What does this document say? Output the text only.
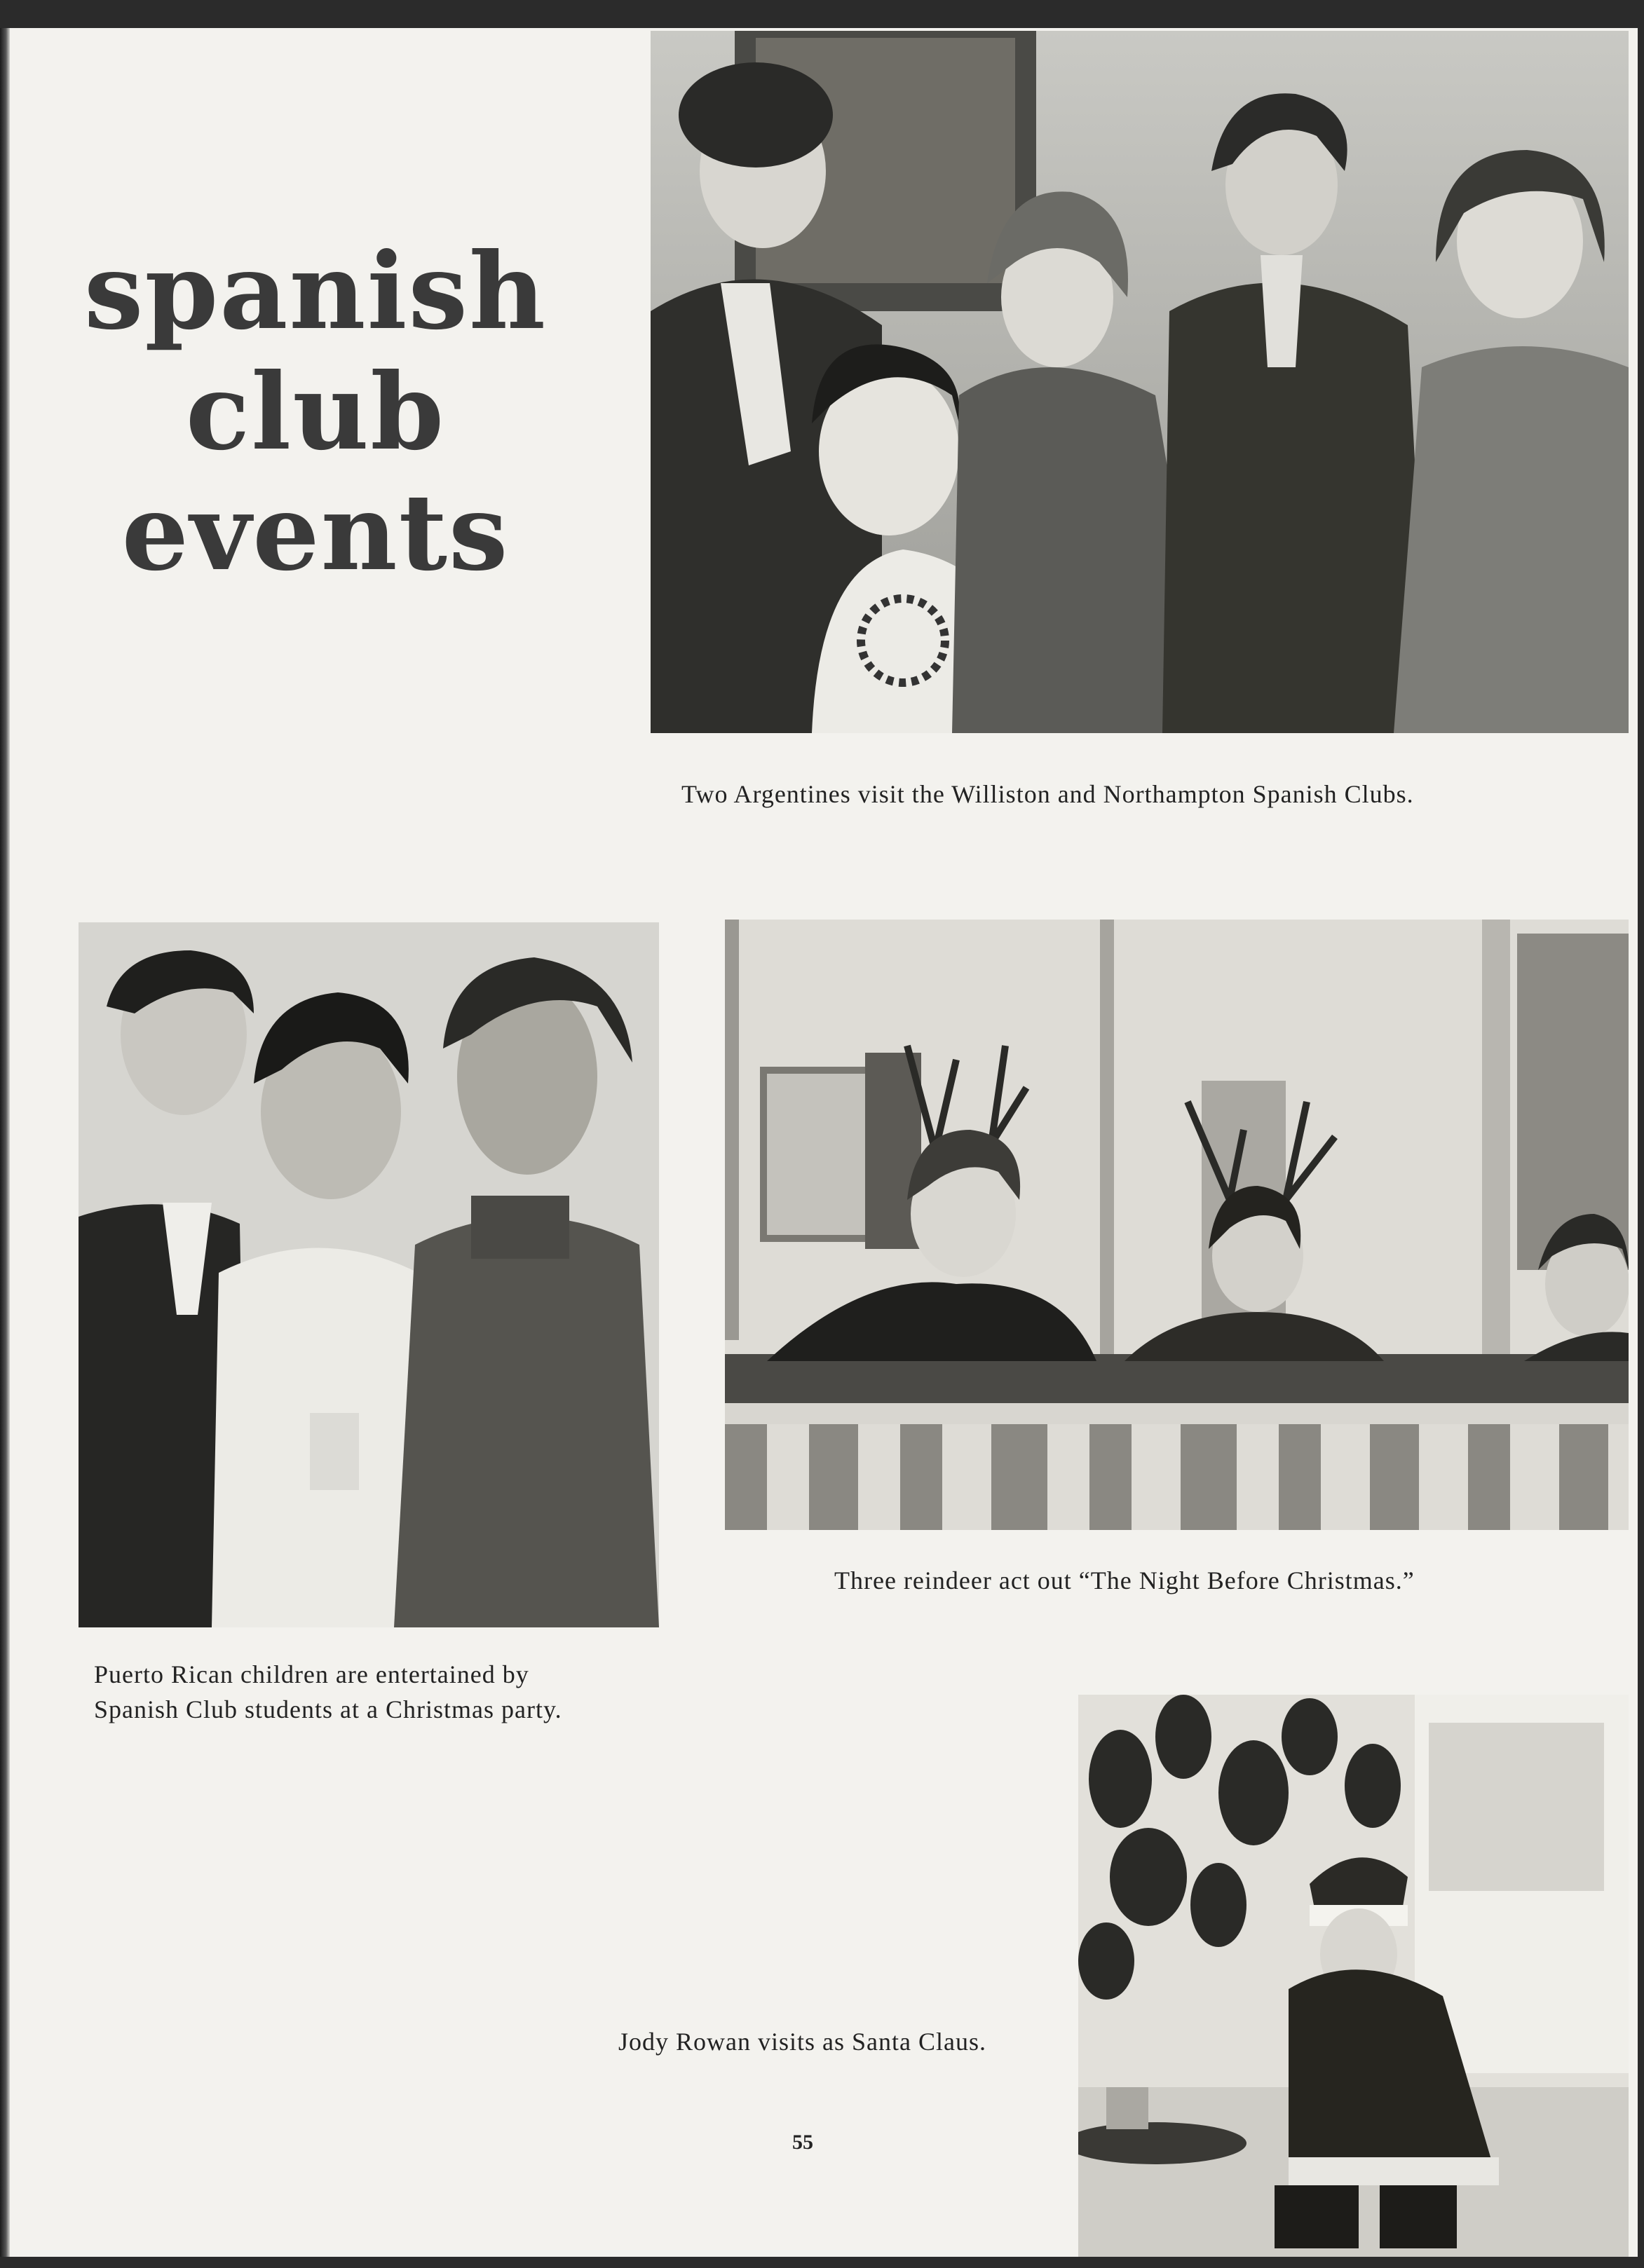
spanish
club
events
Two Argentines visit the Williston and Northampton Spanish Clubs.
Puerto Rican children are entertained by
Spanish Club students at a Christmas party.
Three reindeer act out “The Night Before Christmas.”
Jody Rowan visits as Santa Claus.
55
